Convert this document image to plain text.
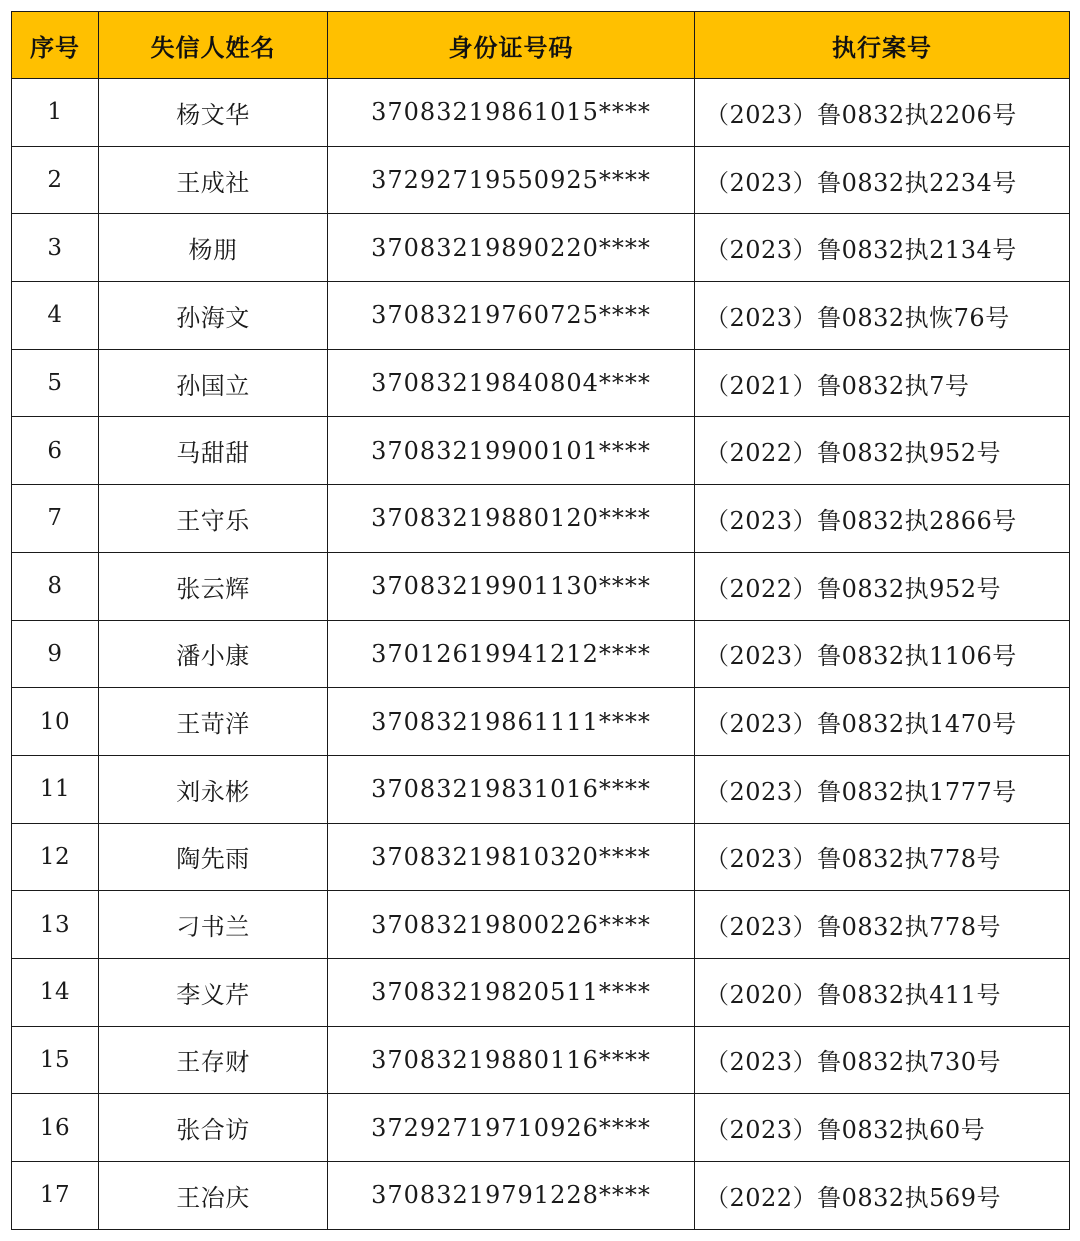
序号	失信人姓名	身份证号码	执行案号
1	杨文华	37083219861015****	（2023）鲁0832执2206号
2	王成社	37292719550925****	（2023）鲁0832执2234号
3	杨朋	37083219890220****	（2023）鲁0832执2134号
4	孙海文	37083219760725****	（2023）鲁0832执恢76号
5	孙国立	37083219840804****	（2021）鲁0832执7号
6	马甜甜	37083219900101****	（2022）鲁0832执952号
7	王守乐	37083219880120****	（2023）鲁0832执2866号
8	张云辉	37083219901130****	（2022）鲁0832执952号
9	潘小康	37012619941212****	（2023）鲁0832执1106号
10	王苛洋	37083219861111****	（2023）鲁0832执1470号
11	刘永彬	37083219831016****	（2023）鲁0832执1777号
12	陶先雨	37083219810320****	（2023）鲁0832执778号
13	刁书兰	37083219800226****	（2023）鲁0832执778号
14	李义芹	37083219820511****	（2020）鲁0832执411号
15	王存财	37083219880116****	（2023）鲁0832执730号
16	张合访	37292719710926****	（2023）鲁0832执60号
17	王冶庆	37083219791228****	（2022）鲁0832执569号
